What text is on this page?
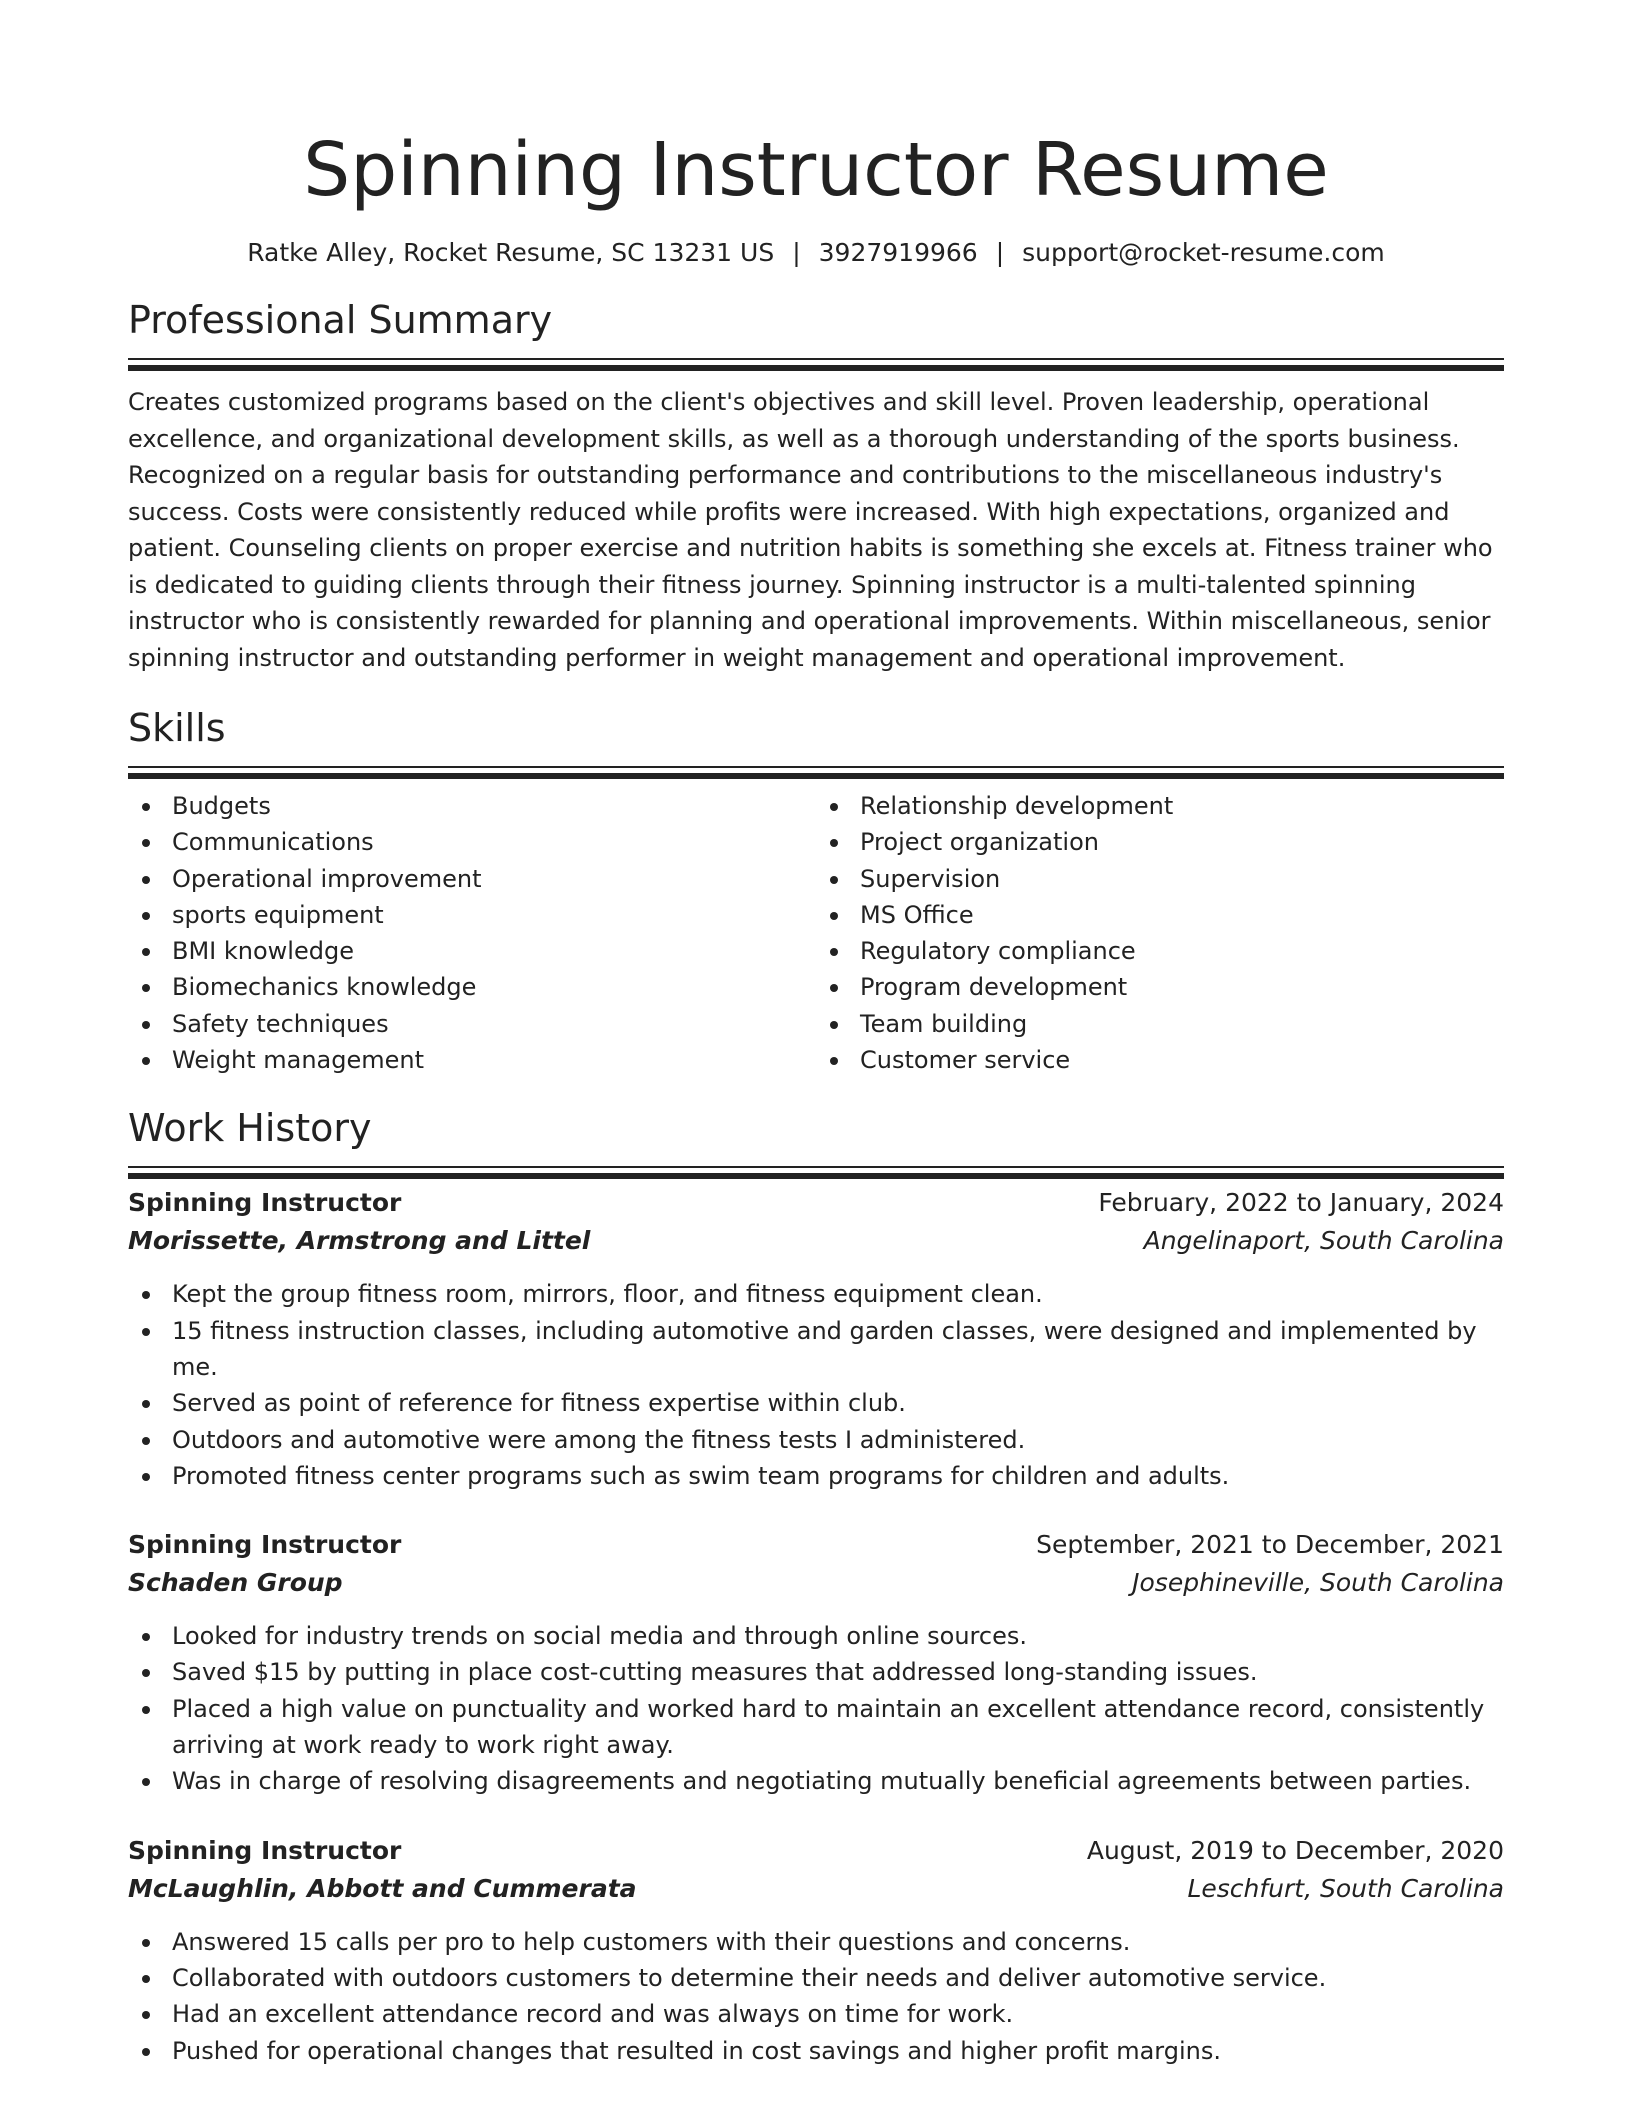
Spinning Instructor Resume
Ratke Alley, Rocket Resume, SC 13231 US | 3927919966 | support@rocket-resume.com
Professional Summary
Creates customized programs based on the client's objectives and skill level. Proven leadership, operational excellence, and organizational development skills, as well as a thorough understanding of the sports business. Recognized on a regular basis for outstanding performance and contributions to the miscellaneous industry's success. Costs were consistently reduced while profits were increased. With high expectations, organized and patient. Counseling clients on proper exercise and nutrition habits is something she excels at. Fitness trainer who is dedicated to guiding clients through their fitness journey. Spinning instructor is a multi-talented spinning instructor who is consistently rewarded for planning and operational improvements. Within miscellaneous, senior spinning instructor and outstanding performer in weight management and operational improvement.
Skills
Budgets
Communications
Operational improvement
sports equipment
BMI knowledge
Biomechanics knowledge
Safety techniques
Weight management
Relationship development
Project organization
Supervision
MS Office
Regulatory compliance
Program development
Team building
Customer service
Work History
Spinning Instructor	February, 2022 to January, 2024
Morissette, Armstrong and Littel	Angelinaport, South Carolina
Kept the group fitness room, mirrors, floor, and fitness equipment clean.
15 fitness instruction classes, including automotive and garden classes, were designed and implemented by me.
Served as point of reference for fitness expertise within club.
Outdoors and automotive were among the fitness tests I administered.
Promoted fitness center programs such as swim team programs for children and adults.
Spinning Instructor	September, 2021 to December, 2021
Schaden Group	Josephineville, South Carolina
Looked for industry trends on social media and through online sources.
Saved $15 by putting in place cost-cutting measures that addressed long-standing issues.
Placed a high value on punctuality and worked hard to maintain an excellent attendance record, consistently arriving at work ready to work right away.
Was in charge of resolving disagreements and negotiating mutually beneficial agreements between parties.
Spinning Instructor	August, 2019 to December, 2020
McLaughlin, Abbott and Cummerata	Leschfurt, South Carolina
Answered 15 calls per pro to help customers with their questions and concerns.
Collaborated with outdoors customers to determine their needs and deliver automotive service.
Had an excellent attendance record and was always on time for work.
Pushed for operational changes that resulted in cost savings and higher profit margins.
